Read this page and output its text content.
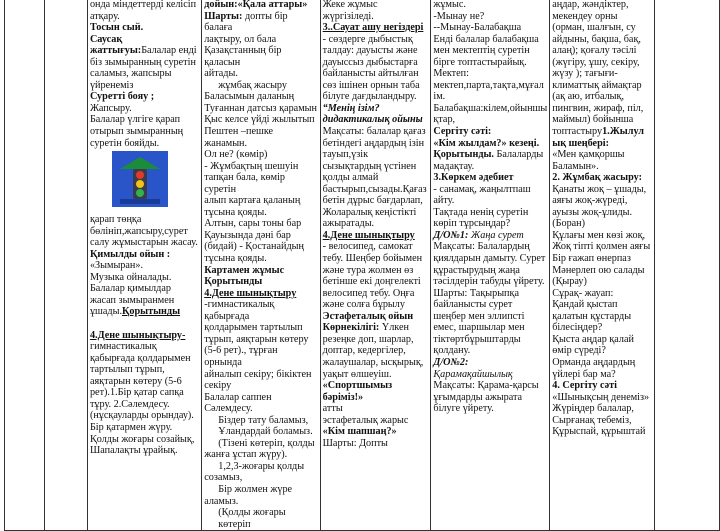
онда міндеттерді келісіп
атқару.
Тосын сый.
Саусақ
жаттығуы:Балалар енді
біз зымыранның суретін
саламыз, жапсыры
үйренеміз
Суретті бояу ;
Жапсыру.
Балалар үлгіге қарап
отырып зымыранның
суретін бояйды.
қарап төңқа
бөлініп,жапсыру,сурет
салу жұмыстарын жасау.
Қимылды ойын :
«Зымыран».
Музыка ойналады.
Балалар қимылдар
жасап зымыранмен
ұшады.Қорытынды

4.Дене шынықтыру-
гимнастикалық
қабырғада қолдарымен
тартылып тұрып,
аяқтарын көтеру (5-6
рет).1.Бір қатар сапқа
тұру. 2.Сәлемдесу.
(нұсқауларды орындау).
Бір қатармен жүру.
Қолды жоғары созайық,
Шапалақты ұрайық.

дойын:«Қала аттары»
Шарты: допты бір балаға
лақтыру, ол бала
Қазақстанның бір қаласын
айтады.
жұмбақ жасыру
Баласымын даланың
Туғаннан датсыз қарамын
Қыс келсе үйді жылытып
Пештен –пешке жанамын.
Ол не? (көмір)
- Жұмбақтың шешуін
тапқан бала, көмір суретін
алып картаға қаланың
тұсына қояды.
Алтын, сары тоны бар
Қауызында дәні бар
(бидай) - Қостанайдың
тұсына қояды.
Картамен жұмыс
Қорытынды
4.Дене шынықтыру
-гимнастикалық қабырғада
қолдарымен тартылып
тұрып, аяқтарын көтеру
(5-6 рет)., тұрған орнында
айналып секіру; бiкiктен
секiру
Балалар саппен Сәлемдесу.
Біздер тату баламыз,
Ұландардай боламыз.
(Тізені көтеріп, қолды
жанға ұстап жүру).
1,2,3-жоғары қолды
созамыз,
Бір жолмен жүре
аламыз.
(Қолды жоғары көтеріп

Жеке жұмыс
жүргізіледі.
3..Сауат ашу негіздері
- сөздерге дыбыстық
талдау: дауысты және
дауыссыз дыбыстарға
байланысты айтылған
сөз ішінен орнын таба
білуге дағдыландыру.
“Менің ізім?
дидактикалық ойыны
Мақсаты: балалар қағаз
бетіндегі аңдардың ізін
тауып,үзік
сызықтардың үстінен
қолды алмай
бастырып,сызады.Қағаз
бетін дұрыс бағдарлап,
Жоларалық кеңістікті
ажыратады.
4.Дене шынықтыру
- велосипед, самокат
тебу. Шеңбер бойымен
және тура жолмен өз
бетінше екі доңгелекті
велосипед тебу. Оңға
және солға бұрылу
Эстафеталық ойын
Көрнекілігі: Үлкен
резеңке доп, шарлар,
доптар, кедергілер,
жалаушалар, ысқырық,
уақыт өлшеуіш.
«Спортшымыз
бәріміз!»
атты
эстафеталық жарыс
«Кім шапшаң?»
Шарты: Допты

жұмыс.
-Мынау не?
--Мынау-Балабақша
Енді балалар балабақша
мен мектептің суретін
бірге топтастырайық.
Мектеп:
мектеп,парта,тақта,мұғал
ім.
Балабақша:кілем,ойыншы
қтар,
Сергіту сәті:
«Кім жылдам?» кезеңі.
Қорытынды. Балаларды
мадақтау.
3.Көркем әдебиет
- санамақ, жаңылтпаш
айту.
Тақтада ненің суретін
көріп тұрсыңдар?
Д/О№1: Жаңа сурет
Мақсаты: Балалардың
қиялдарын дамыту. Сурет
құрастырудың жаңа
тәсілдерін табуды үйрету.
Шарты: Тақырыпқа
байланысты сурет
шеңбер мен эллипсті
емес, шаршылар мен
тіктөртбұрыштарды
қолдану.
Д/О№2:
Қарамақайшылық
Мақсаты: Қарама-қарсы
ұғымдарды ажырата
білуге үйрету.

аңдар, жәндіктер,
мекендеу орны
(орман, шалғын, су
айдыны, бақша, бақ,
алаң); қоғалу тәсілі
(жүгіру, ұшу, секіру,
жүзу ); тағығи-
климаттық аймақтар
(ақ аю, итбалық,
пингвин, жираф, піл,
маймыл) бойынша
топтастыру1.Жылул
ық шеңбері:
«Мен қамқоршы
Баламын».
2. Жұмбақ жасыру:
Қанаты жоқ – ұшады,
аяғы жоқ-жүреді,
ауызы жоқ-ұлиды.
(Боран)
Құлағы мен көзі жоқ,
Жоқ тіпті қолмен аяғы
Бір ғажап өнерпаз
Мәнерлеп ою салады
(Қырау)
Сұрақ- жауап:
Қандай қыстап
қалатын құстарды
білесіңдер?
Қыста аңдар қалай
өмір сүреді?
Орманда аңдардың
үйлері бар ма?
4. Сергіту сәті
«Шынықсың денеміз»
Жүрiңдер балалар,
Сырғанақ тебеміз,
Құрыспай, құрыштай
